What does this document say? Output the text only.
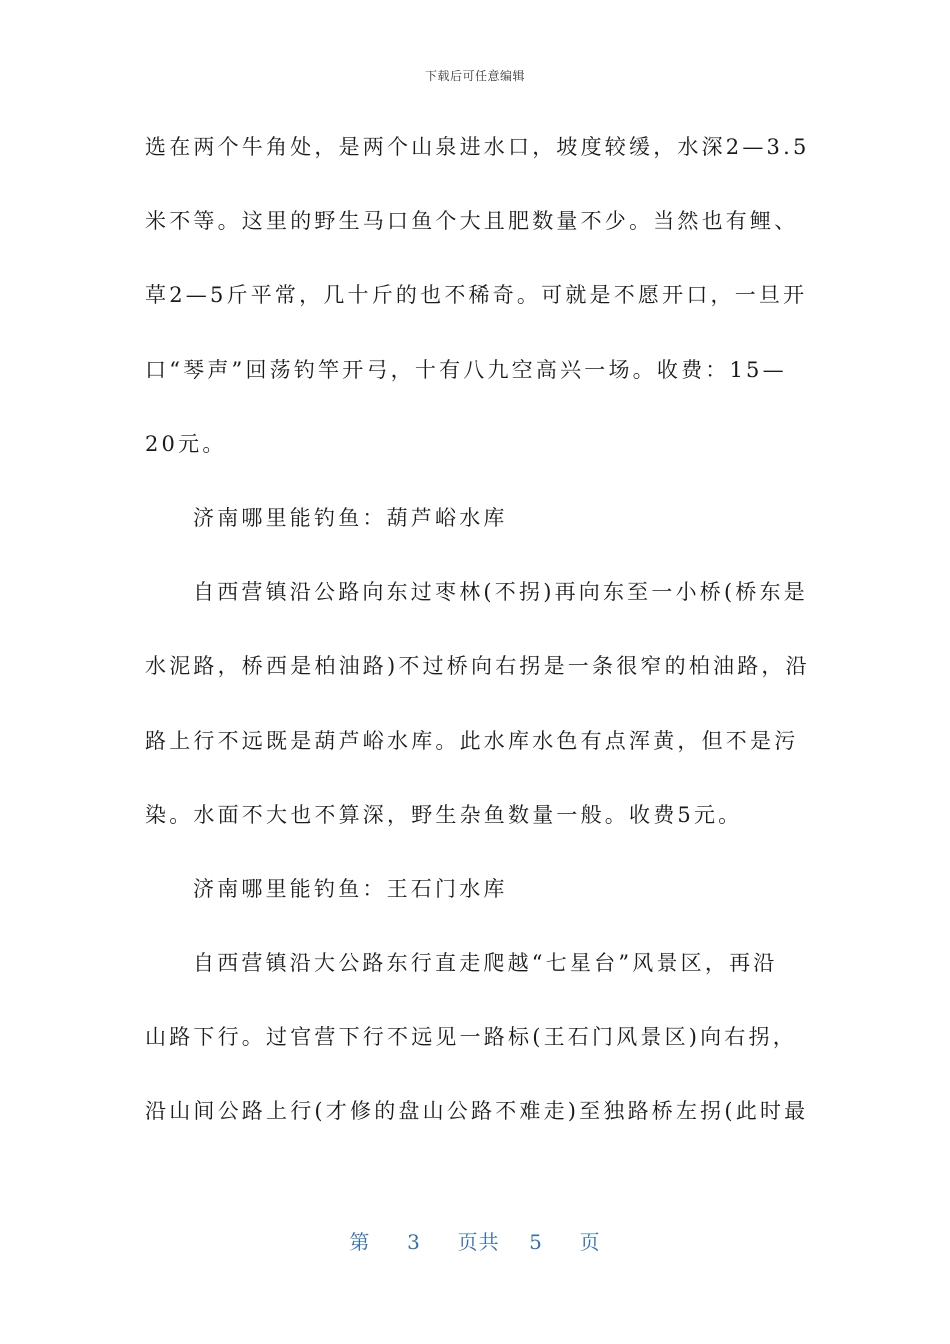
下载后可任意编辑
选在两个牛角处，是两个山泉进水口，坡度较缓，水深2—3.5
米不等。这里的野生马口鱼个大且肥数量不少。当然也有鲤、
草2—5斤平常，几十斤的也不稀奇。可就是不愿开口，一旦开
口“琴声”回荡钓竿开弓，十有八九空高兴一场。收费：15—
20元。
济南哪里能钓鱼：葫芦峪水库
自西营镇沿公路向东过枣林(不拐)再向东至一小桥(桥东是
水泥路，桥西是柏油路)不过桥向右拐是一条很窄的柏油路，沿
路上行不远既是葫芦峪水库。此水库水色有点浑黄，但不是污
染。水面不大也不算深，野生杂鱼数量一般。收费5元。
济南哪里能钓鱼：王石门水库
自西营镇沿大公路东行直走爬越“七星台”风景区，再沿
山路下行。过官营下行不远见一路标(王石门风景区)向右拐，
沿山间公路上行(才修的盘山公路不难走)至独路桥左拐(此时最
第 3 页共 5 页
